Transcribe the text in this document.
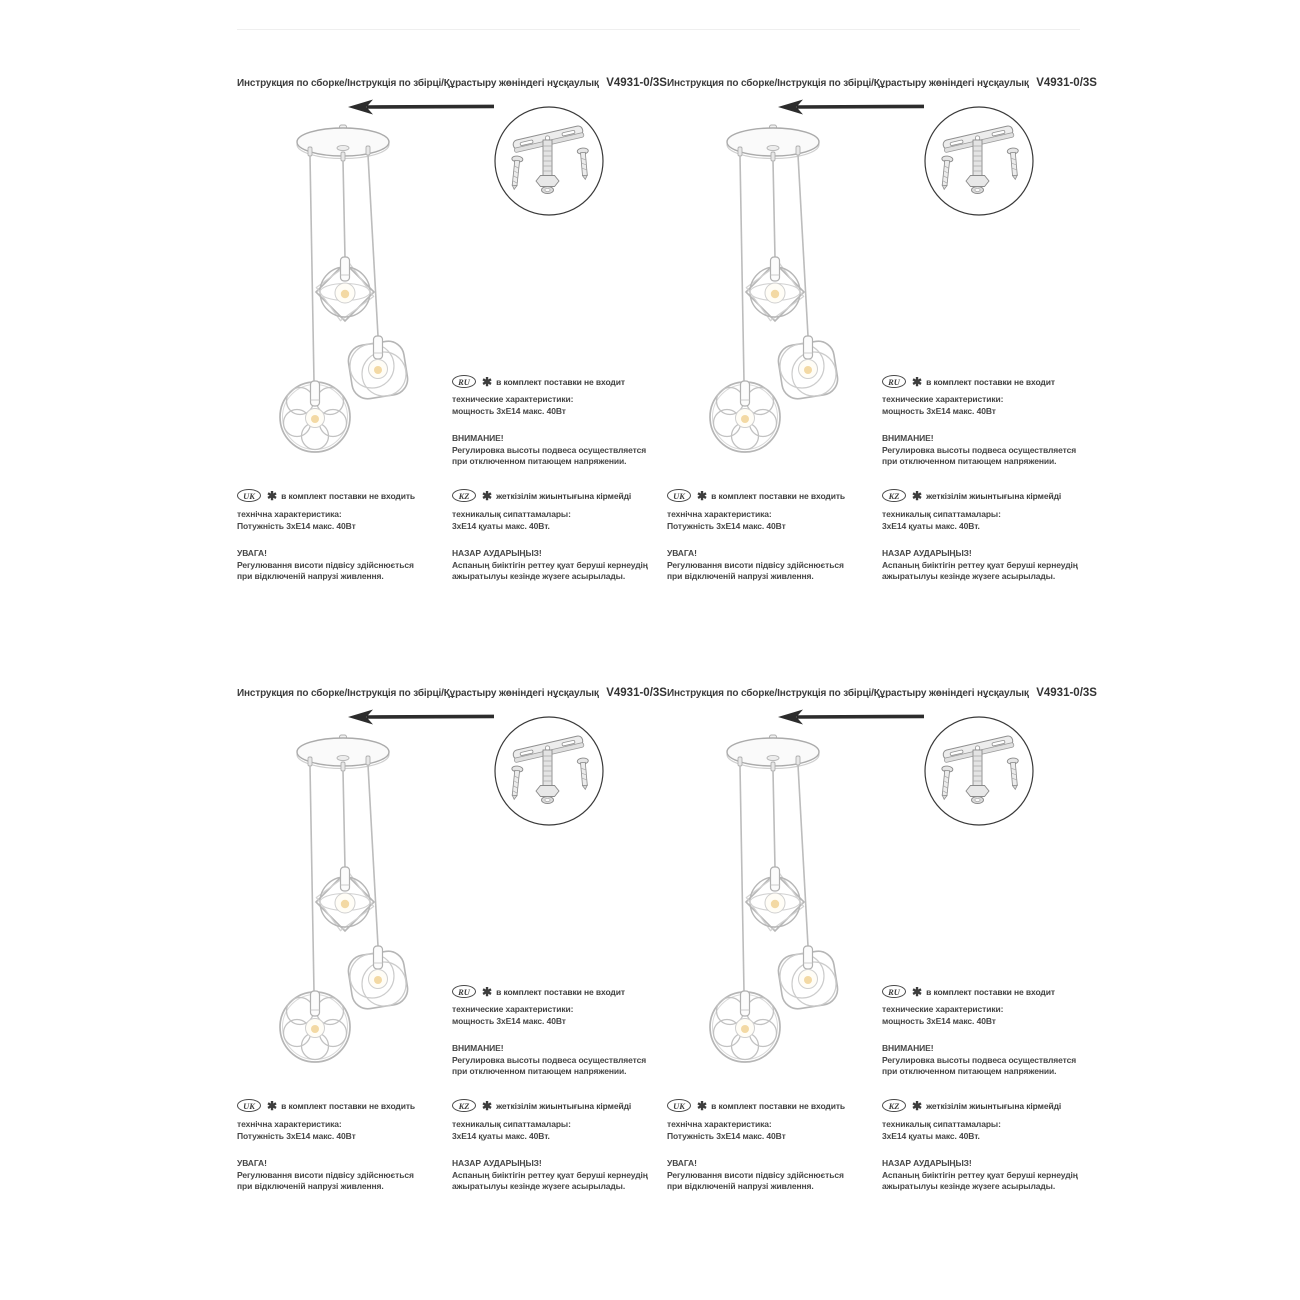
Инструкция по сборке/Інструкція по збірці/Құрастыру жөніндегі нұсқаулық V4931-0/3S
RU	✱ в комплект поставки не входит
технические характеристики:
мощность 3хЕ14 макс. 40Вт
ВНИМАНИЕ!
Регулировка высоты подвеса осуществляется
при отключенном питающем напряжении.
UK	✱ в комплект поставки не входить
технічна характеристика:
Потужність 3хЕ14 макс. 40Вт
УВАГА!
Регулювання висоти підвісу здійснюється
при відключеній напрузі живлення.
KZ	✱ жеткізілім жиынтығына кірмейді
техникалық сипаттамалары:
3хЕ14 қуаты макс. 40Вт.
НАЗАР АУДАРЫҢЫЗ!
Аспаның биіктігін реттеу қуат беруші кернеудің
ажыратылуы кезінде жүзеге асырылады.
Инструкция по сборке/Інструкція по збірці/Құрастыру жөніндегі нұсқаулық V4931-0/3S
RU	✱ в комплект поставки не входит
технические характеристики:
мощность 3хЕ14 макс. 40Вт
ВНИМАНИЕ!
Регулировка высоты подвеса осуществляется
при отключенном питающем напряжении.
UK	✱ в комплект поставки не входить
технічна характеристика:
Потужність 3хЕ14 макс. 40Вт
УВАГА!
Регулювання висоти підвісу здійснюється
при відключеній напрузі живлення.
KZ	✱ жеткізілім жиынтығына кірмейді
техникалық сипаттамалары:
3хЕ14 қуаты макс. 40Вт.
НАЗАР АУДАРЫҢЫЗ!
Аспаның биіктігін реттеу қуат беруші кернеудің
ажыратылуы кезінде жүзеге асырылады.
Инструкция по сборке/Інструкція по збірці/Құрастыру жөніндегі нұсқаулық V4931-0/3S
RU	✱ в комплект поставки не входит
технические характеристики:
мощность 3хЕ14 макс. 40Вт
ВНИМАНИЕ!
Регулировка высоты подвеса осуществляется
при отключенном питающем напряжении.
UK	✱ в комплект поставки не входить
технічна характеристика:
Потужність 3хЕ14 макс. 40Вт
УВАГА!
Регулювання висоти підвісу здійснюється
при відключеній напрузі живлення.
KZ	✱ жеткізілім жиынтығына кірмейді
техникалық сипаттамалары:
3хЕ14 қуаты макс. 40Вт.
НАЗАР АУДАРЫҢЫЗ!
Аспаның биіктігін реттеу қуат беруші кернеудің
ажыратылуы кезінде жүзеге асырылады.
Инструкция по сборке/Інструкція по збірці/Құрастыру жөніндегі нұсқаулық V4931-0/3S
RU	✱ в комплект поставки не входит
технические характеристики:
мощность 3хЕ14 макс. 40Вт
ВНИМАНИЕ!
Регулировка высоты подвеса осуществляется
при отключенном питающем напряжении.
UK	✱ в комплект поставки не входить
технічна характеристика:
Потужність 3хЕ14 макс. 40Вт
УВАГА!
Регулювання висоти підвісу здійснюється
при відключеній напрузі живлення.
KZ	✱ жеткізілім жиынтығына кірмейді
техникалық сипаттамалары:
3хЕ14 қуаты макс. 40Вт.
НАЗАР АУДАРЫҢЫЗ!
Аспаның биіктігін реттеу қуат беруші кернеудің
ажыратылуы кезінде жүзеге асырылады.
